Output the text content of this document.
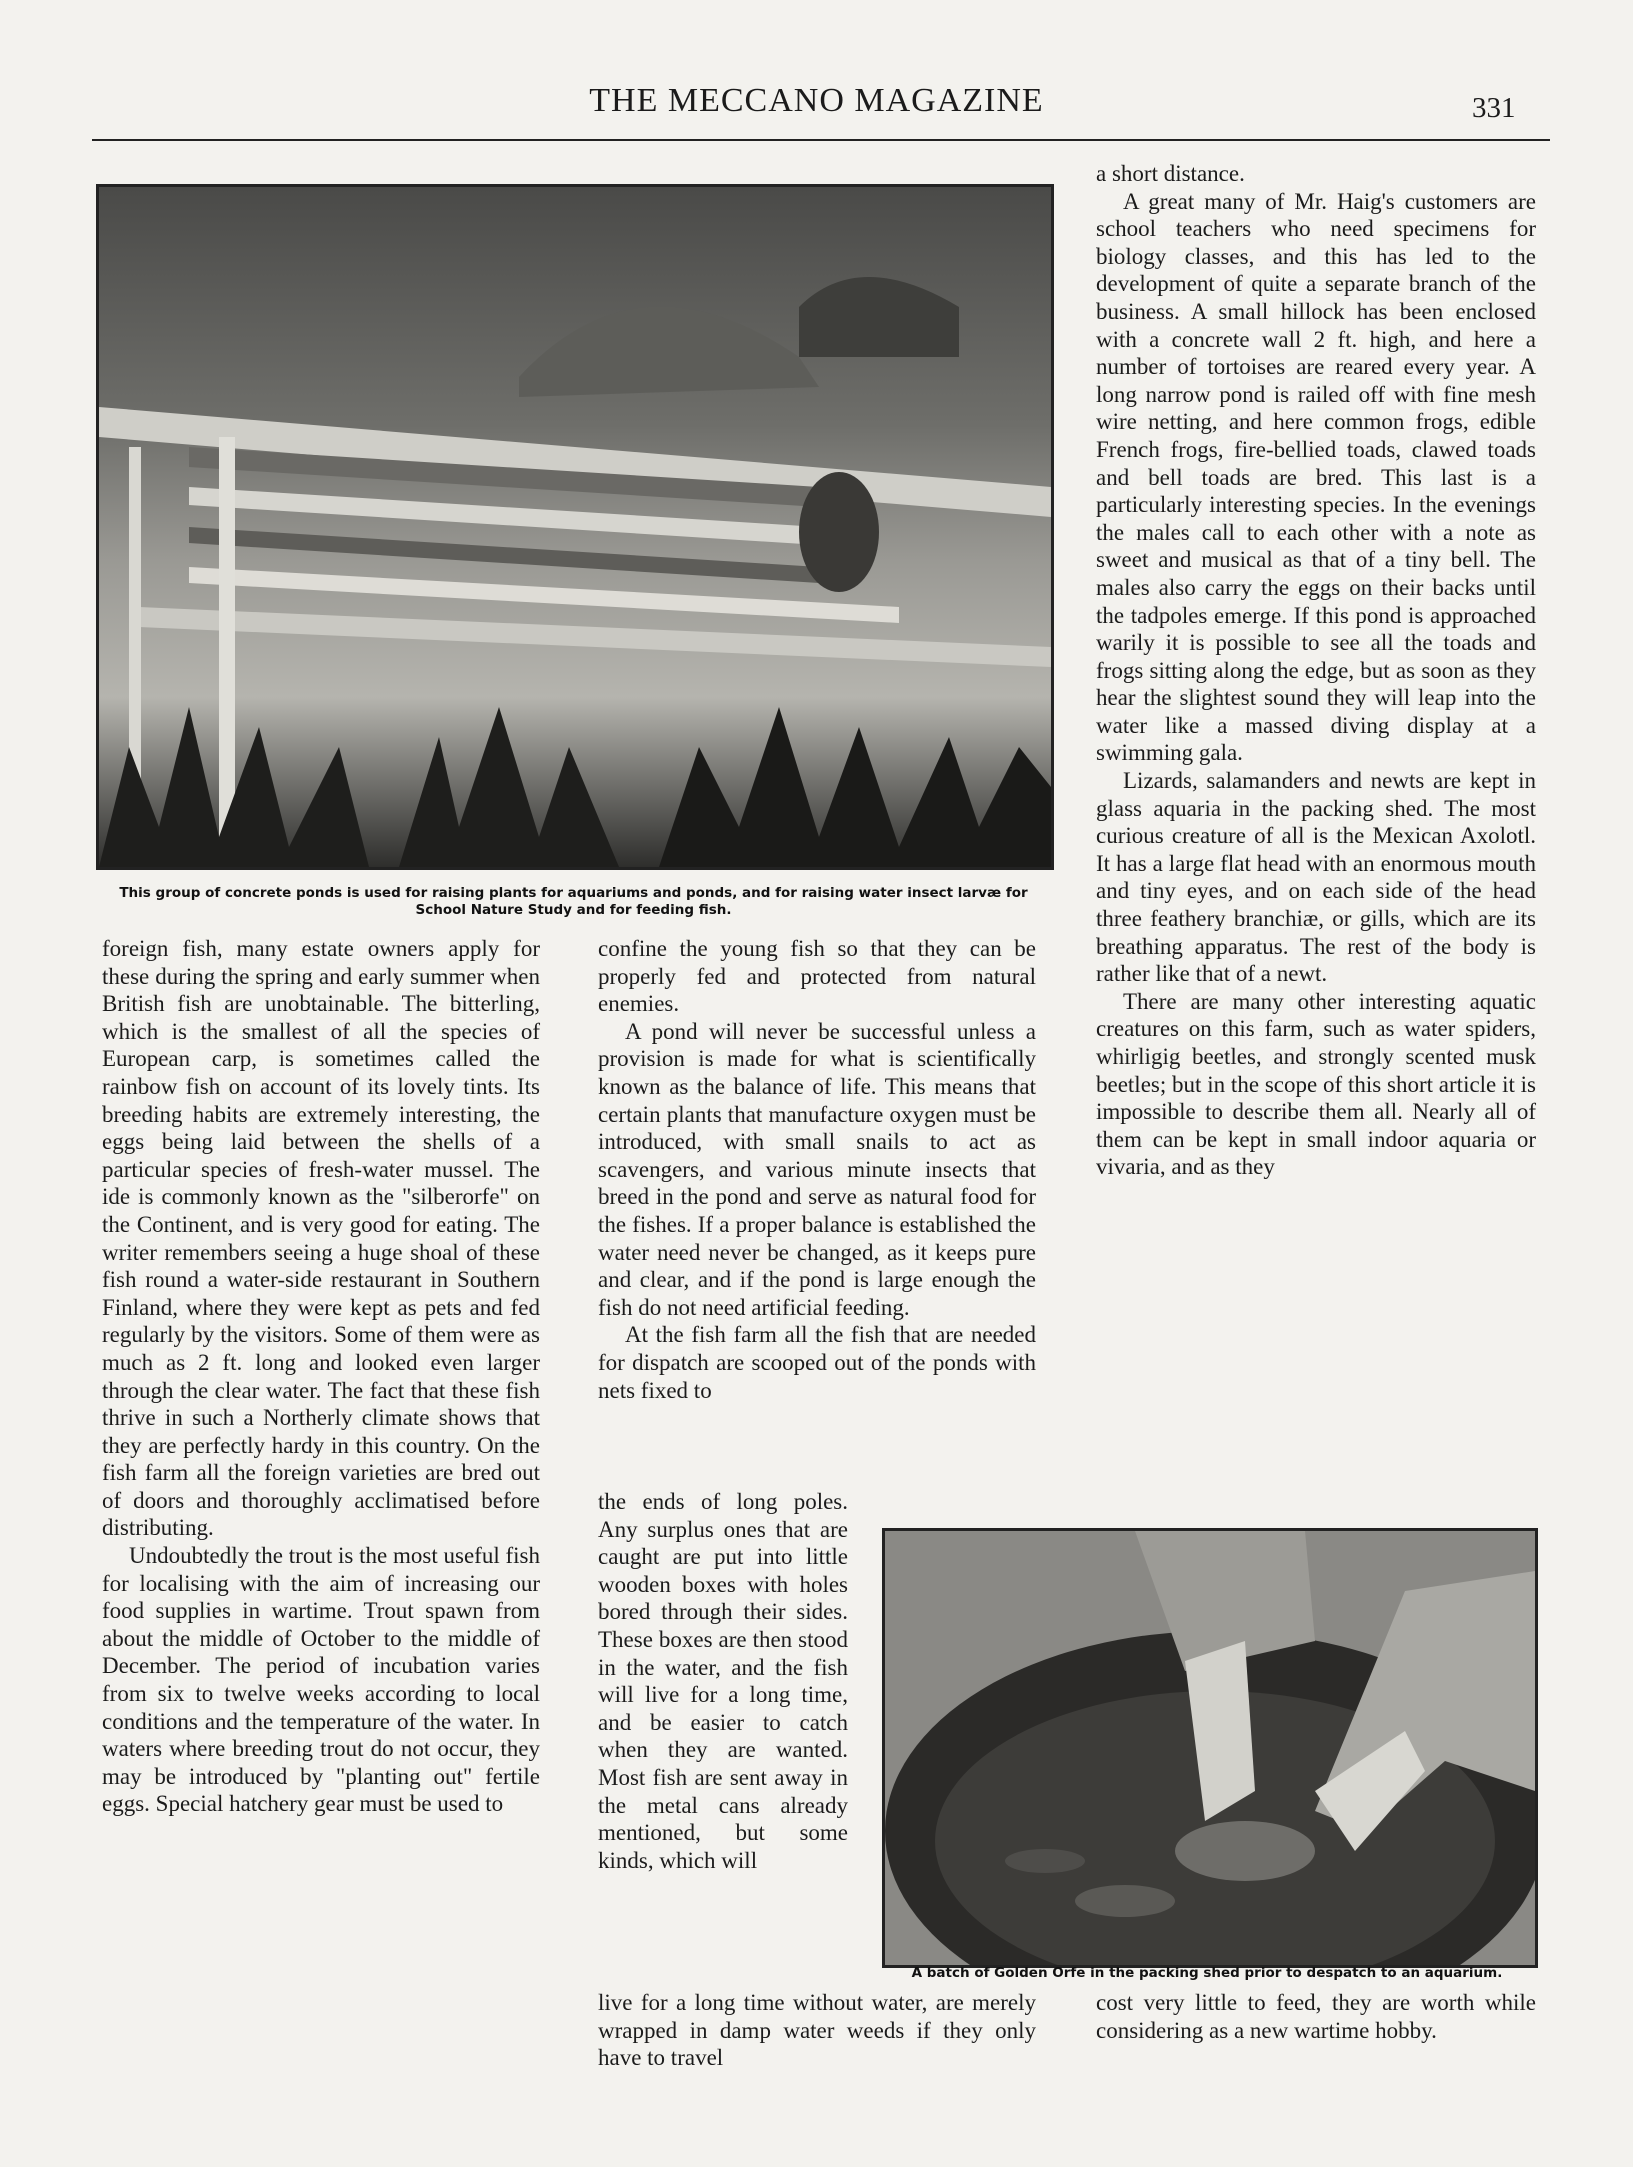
THE MECCANO MAGAZINE	331
This group of concrete ponds is used for raising plants for aquariums and ponds, and for raising water insect larvæ for School Nature Study and for feeding fish.

foreign fish, many estate owners apply for these during the spring and early summer when British fish are unobtainable. The bitterling, which is the smallest of all the species of European carp, is sometimes called the rainbow fish on account of its lovely tints. Its breeding habits are extremely interesting, the eggs being laid between the shells of a particular species of fresh-water mussel. The ide is commonly known as the "silberorfe" on the Continent, and is very good for eating. The writer remembers seeing a huge shoal of these fish round a water-side restaurant in Southern Finland, where they were kept as pets and fed regularly by the visitors. Some of them were as much as 2 ft. long and looked even larger through the clear water. The fact that these fish thrive in such a Northerly climate shows that they are perfectly hardy in this country. On the fish farm all the foreign varieties are bred out of doors and thoroughly acclimatised before distributing.

Undoubtedly the trout is the most useful fish for localising with the aim of increasing our food supplies in wartime. Trout spawn from about the middle of October to the middle of December. The period of incubation varies from six to twelve weeks according to local conditions and the temperature of the water. In waters where breeding trout do not occur, they may be introduced by "planting out" fertile eggs. Special hatchery gear must be used to

confine the young fish so that they can be properly fed and protected from natural enemies.

A pond will never be successful unless a provision is made for what is scientifically known as the balance of life. This means that certain plants that manufacture oxygen must be introduced, with small snails to act as scavengers, and various minute insects that breed in the pond and serve as natural food for the fishes. If a proper balance is established the water need never be changed, as it keeps pure and clear, and if the pond is large enough the fish do not need artificial feeding.

At the fish farm all the fish that are needed for dispatch are scooped out of the ponds with nets fixed to

the ends of long poles. Any surplus ones that are caught are put into little wooden boxes with holes bored through their sides. These boxes are then stood in the water, and the fish will live for a long time, and be easier to catch when they are wanted. Most fish are sent away in the metal cans already mentioned, but some kinds, which will

live for a long time without water, are merely wrapped in damp water weeds if they only have to travel

a short distance.

A great many of Mr. Haig's customers are school teachers who need specimens for biology classes, and this has led to the development of quite a separate branch of the business. A small hillock has been enclosed with a concrete wall 2 ft. high, and here a number of tortoises are reared every year. A long narrow pond is railed off with fine mesh wire netting, and here common frogs, edible French frogs, fire-bellied toads, clawed toads and bell toads are bred. This last is a particularly interesting species. In the evenings the males call to each other with a note as sweet and musical as that of a tiny bell. The males also carry the eggs on their backs until the tadpoles emerge. If this pond is approached warily it is possible to see all the toads and frogs sitting along the edge, but as soon as they hear the slightest sound they will leap into the water like a massed diving display at a swimming gala.

Lizards, salamanders and newts are kept in glass aquaria in the packing shed. The most curious creature of all is the Mexican Axolotl. It has a large flat head with an enormous mouth and tiny eyes, and on each side of the head three feathery branchiæ, or gills, which are its breathing apparatus. The rest of the body is rather like that of a newt.

There are many other interesting aquatic creatures on this farm, such as water spiders, whirligig beetles, and strongly scented musk beetles; but in the scope of this short article it is impossible to describe them all. Nearly all of them can be kept in small indoor aquaria or vivaria, and as they

cost very little to feed, they are worth while considering as a new wartime hobby.

A batch of Golden Orfe in the packing shed prior to despatch to an aquarium.
